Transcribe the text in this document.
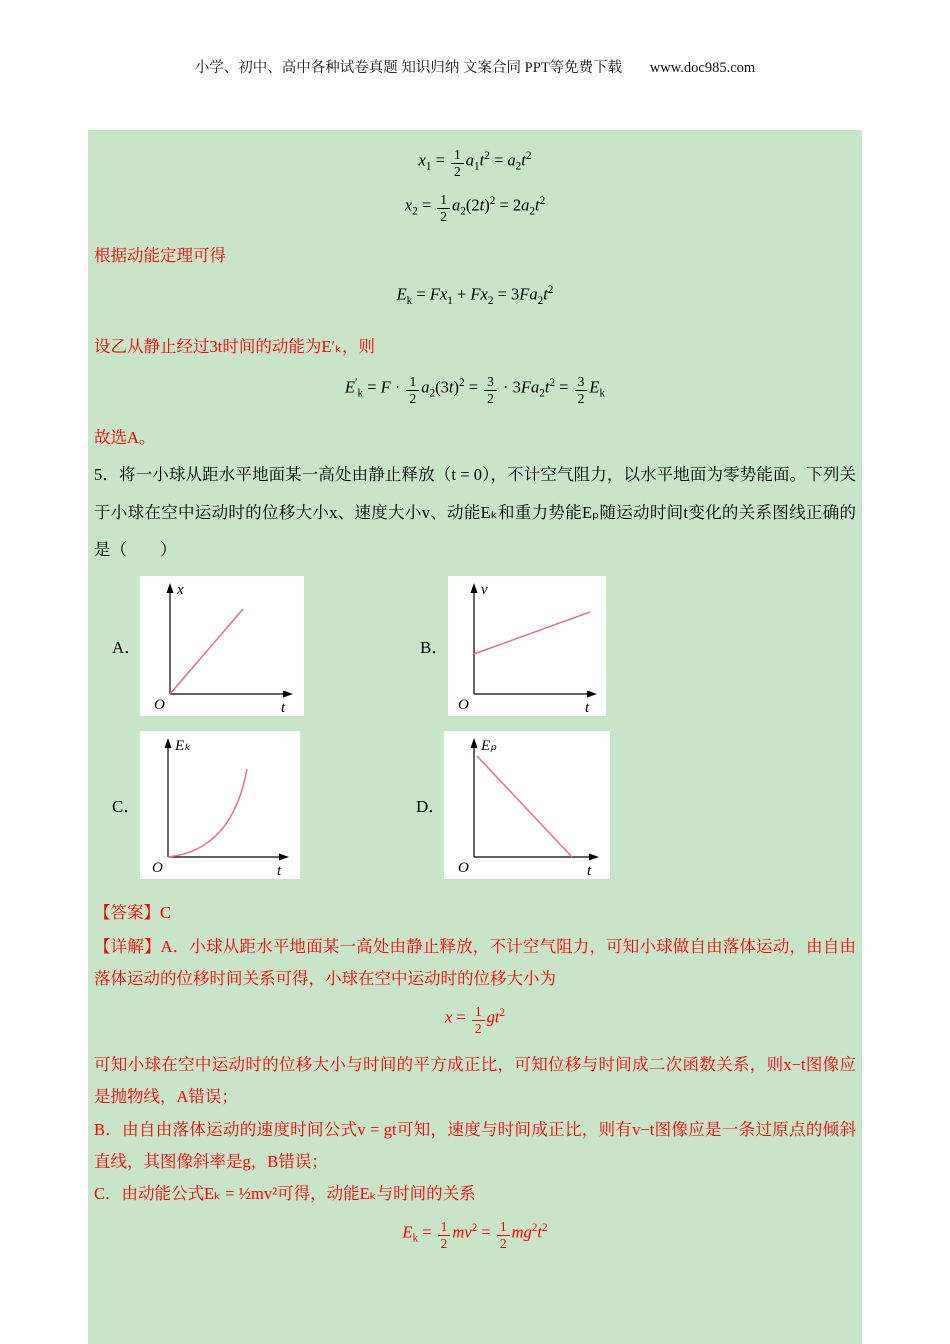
小学、初中、高中各种试卷真题 知识归纳 文案合同 PPT等免费下载 www.doc985.com
$x_1 = \frac{1}{2} a_1t^2 = a_2t^2$
$x_2 = \frac{1}{2} a_2(2t)^2 = 2a_2t^2$

根据动能定理可得

$E_k = Fx_1 + Fx_2 = 3Fa_2t^2$

设乙从静止经过3t时间的动能为E′ₖ，则

$E'_k = F \cdot \frac{1}{2} a_2(3t)^2 = \frac{3}{2} \cdot 3Fa_2t^2 = \frac{3}{2} E_k$

故选A。

5．将一小球从距水平地面某一高处由静止释放（t = 0），不计空气阻力，以水平地面为零势能面。下列关于小球在空中运动时的位移大小x、速度大小v、动能Eₖ和重力势能Eₚ随运动时间t变化的关系图线正确的是（　　）

A．
x
t
O
B．
v
t
O
C．
Eₖ
t
O
D．
Eₚ
t
O

【答案】C

【详解】A．小球从距水平地面某一高处由静止释放，不计空气阻力，可知小球做自由落体运动，由自由落体运动的位移时间关系可得，小球在空中运动时的位移大小为

$x = \frac{1}{2} gt^2$

可知小球在空中运动时的位移大小与时间的平方成正比，可知位移与时间成二次函数关系，则x−t图像应是抛物线，A错误；

B．由自由落体运动的速度时间公式v = gt可知，速度与时间成正比，则有v−t图像应是一条过原点的倾斜直线，其图像斜率是g，B错误；

C．由动能公式Eₖ = ½mv²可得，动能Eₖ与时间的关系

$E_k = \frac{1}{2} mv^2 = \frac{1}{2} mg^2t^2$
